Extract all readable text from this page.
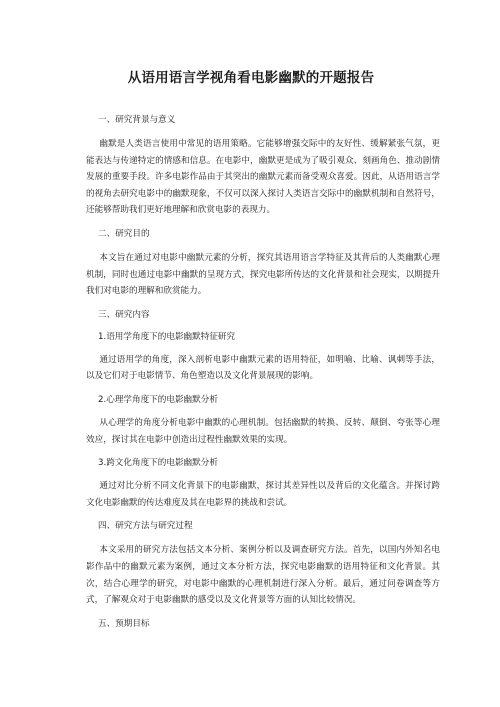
从语用语言学视角看电影幽默的开题报告

一、研究背景与意义

幽默是人类语言使用中常见的语用策略。它能够增强交际中的友好性、缓解紧张气氛，更能表达与传递特定的情感和信息。在电影中，幽默更是成为了吸引观众、刻画角色、推动剧情发展的重要手段。许多电影作品由于其突出的幽默元素而备受观众喜爱。因此，从语用语言学的视角去研究电影中的幽默现象，不仅可以深入探讨人类语言交际中的幽默机制和自然符号，还能够帮助我们更好地理解和欣赏电影的表现力。

二、研究目的

本文旨在通过对电影中幽默元素的分析，探究其语用语言学特征及其背后的人类幽默心理机制，同时也通过电影中幽默的呈现方式，探究电影所传达的文化背景和社会现实，以期提升我们对电影的理解和欣赏能力。

三、研究内容

1.语用学角度下的电影幽默特征研究

通过语用学的角度，深入剖析电影中幽默元素的语用特征，如明喻、比喻、讽刺等手法，以及它们对于电影情节、角色塑造以及文化背景展现的影响。

2.心理学角度下的电影幽默分析

从心理学的角度分析电影中幽默的心理机制。包括幽默的转换、反转、颠倒、夸张等心理效应，探讨其在电影中创造出过程性幽默效果的实现。

3.跨文化角度下的电影幽默分析

通过对比分析不同文化背景下的电影幽默，探讨其差异性以及背后的文化蕴含。并探讨跨文化电影幽默的传达难度及其在电影界的挑战和尝试。

四、研究方法与研究过程

本文采用的研究方法包括文本分析、案例分析以及调查研究方法。首先，以国内外知名电影作品中的幽默元素为案例，通过文本分析方法，探究电影幽默的语用特征和文化背景。其次，结合心理学的研究，对电影中幽默的心理机制进行深入分析。最后，通过问卷调查等方式，了解观众对于电影幽默的感受以及文化背景等方面的认知比较情况。

五、预期目标
